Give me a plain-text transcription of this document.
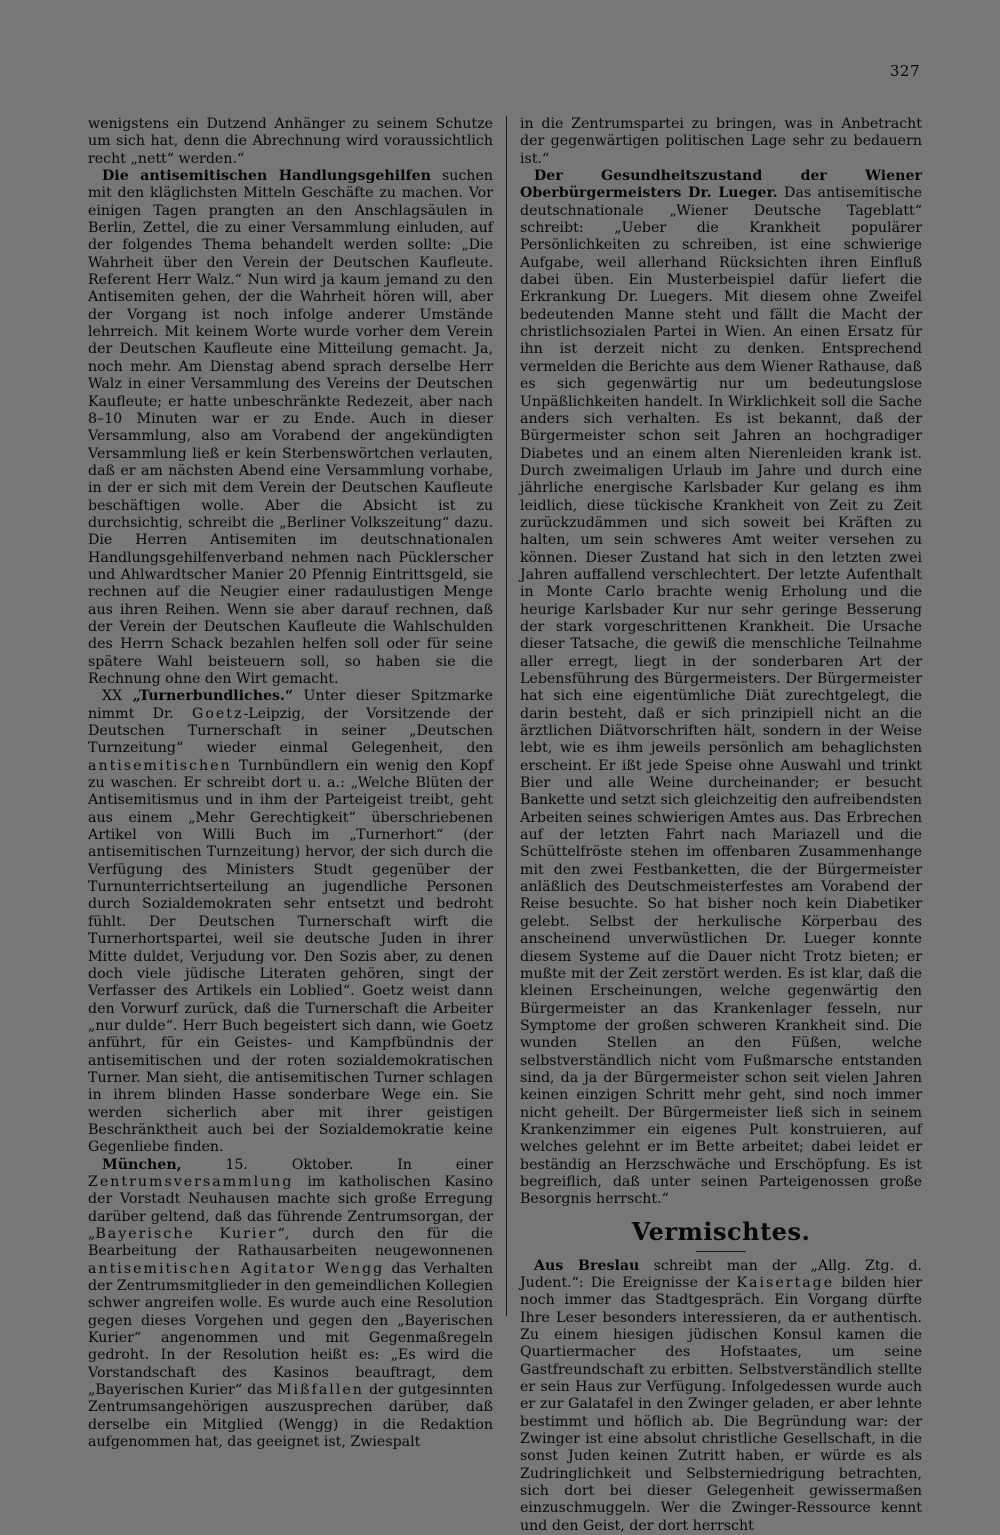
327

wenigstens ein Dutzend Anhänger zu seinem Schutze um sich hat, denn die Abrechnung wird voraussichtlich recht „nett“ werden.“

Die antisemitischen Handlungsgehilfen suchen mit den kläglichsten Mitteln Geschäfte zu machen. Vor einigen Tagen prangten an den Anschlagsäulen in Berlin, Zettel, die zu einer Versammlung einluden, auf der folgendes Thema behandelt werden sollte: „Die Wahrheit über den Verein der Deutschen Kaufleute. Referent Herr Walz.“ Nun wird ja kaum jemand zu den Antisemiten gehen, der die Wahrheit hören will, aber der Vorgang ist noch infolge anderer Umstände lehrreich. Mit keinem Worte wurde vorher dem Verein der Deutschen Kaufleute eine Mitteilung gemacht. Ja, noch mehr. Am Dienstag abend sprach derselbe Herr Walz in einer Versammlung des Vereins der Deutschen Kaufleute; er hatte unbeschränkte Redezeit, aber nach 8–10 Minuten war er zu Ende. Auch in dieser Versammlung, also am Vorabend der angekündigten Versammlung ließ er kein Sterbenswörtchen verlauten, daß er am nächsten Abend eine Versammlung vorhabe, in der er sich mit dem Verein der Deutschen Kaufleute beschäftigen wolle. Aber die Absicht ist zu durchsichtig, schreibt die „Berliner Volkszeitung“ dazu. Die Herren Antisemiten im deutschnationalen Handlungsgehilfenverband nehmen nach Pücklerscher und Ahlwardtscher Manier 20 Pfennig Eintrittsgeld, sie rechnen auf die Neugier einer radaulustigen Menge aus ihren Reihen. Wenn sie aber darauf rechnen, daß der Verein der Deutschen Kaufleute die Wahlschulden des Herrn Schack bezahlen helfen soll oder für seine spätere Wahl beisteuern soll, so haben sie die Rechnung ohne den Wirt gemacht.

XX „Turnerbundliches.“ Unter dieser Spitzmarke nimmt Dr. Goetz-Leipzig, der Vorsitzende der Deutschen Turnerschaft in seiner „Deutschen Turnzeitung“ wieder einmal Gelegenheit, den antisemitischen Turnbündlern ein wenig den Kopf zu waschen. Er schreibt dort u. a.: „Welche Blüten der Antisemitismus und in ihm der Parteigeist treibt, geht aus einem „Mehr Gerechtigkeit“ überschriebenen Artikel von Willi Buch im „Turnerhort“ (der antisemitischen Turnzeitung) hervor, der sich durch die Verfügung des Ministers Studt gegenüber der Turnunterrichtserteilung an jugendliche Personen durch Sozialdemokraten sehr entsetzt und bedroht fühlt. Der Deutschen Turnerschaft wirft die Turnerhortspartei, weil sie deutsche Juden in ihrer Mitte duldet, Verjudung vor. Den Sozis aber, zu denen doch viele jüdische Literaten gehören, singt der Verfasser des Artikels ein Loblied“. Goetz weist dann den Vorwurf zurück, daß die Turnerschaft die Arbeiter „nur dulde“. Herr Buch begeistert sich dann, wie Goetz anführt, für ein Geistes- und Kampfbündnis der antisemitischen und der roten sozialdemokratischen Turner. Man sieht, die antisemitischen Turner schlagen in ihrem blinden Hasse sonderbare Wege ein. Sie werden sicherlich aber mit ihrer geistigen Beschränktheit auch bei der Sozialdemokratie keine Gegenliebe finden.

München, 15. Oktober. In einer Zentrumsversammlung im katholischen Kasino der Vorstadt Neuhausen machte sich große Erregung darüber geltend, daß das führende Zentrumsorgan, der „Bayerische Kurier“, durch den für die Bearbeitung der Rathausarbeiten neugewonnenen antisemitischen Agitator Wengg das Verhalten der Zentrumsmitglieder in den gemeindlichen Kollegien schwer angreifen wolle. Es wurde auch eine Resolution gegen dieses Vorgehen und gegen den „Bayerischen Kurier“ angenommen und mit Gegenmaßregeln gedroht. In der Resolution heißt es: „Es wird die Vorstandschaft des Kasinos beauftragt, dem „Bayerischen Kurier“ das Mißfallen der gutgesinnten Zentrumsangehörigen auszusprechen darüber, daß derselbe ein Mitglied (Wengg) in die Redaktion aufgenommen hat, das geeignet ist, Zwiespalt

in die Zentrumspartei zu bringen, was in Anbetracht der gegenwärtigen politischen Lage sehr zu bedauern ist.“

Der Gesundheitszustand der Wiener Oberbürgermeisters Dr. Lueger. Das antisemitische deutschnationale „Wiener Deutsche Tageblatt“ schreibt: „Ueber die Krankheit populärer Persönlichkeiten zu schreiben, ist eine schwierige Aufgabe, weil allerhand Rücksichten ihren Einfluß dabei üben. Ein Musterbeispiel dafür liefert die Erkrankung Dr. Luegers. Mit diesem ohne Zweifel bedeutenden Manne steht und fällt die Macht der christlichsozialen Partei in Wien. An einen Ersatz für ihn ist derzeit nicht zu denken. Entsprechend vermelden die Berichte aus dem Wiener Rathause, daß es sich gegenwärtig nur um bedeutungslose Unpäßlichkeiten handelt. In Wirklichkeit soll die Sache anders sich verhalten. Es ist bekannt, daß der Bürgermeister schon seit Jahren an hochgradiger Diabetes und an einem alten Nierenleiden krank ist. Durch zweimaligen Urlaub im Jahre und durch eine jährliche energische Karlsbader Kur gelang es ihm leidlich, diese tückische Krankheit von Zeit zu Zeit zurückzudämmen und sich soweit bei Kräften zu halten, um sein schweres Amt weiter versehen zu können. Dieser Zustand hat sich in den letzten zwei Jahren auffallend verschlechtert. Der letzte Aufenthalt in Monte Carlo brachte wenig Erholung und die heurige Karlsbader Kur nur sehr geringe Besserung der stark vorgeschrittenen Krankheit. Die Ursache dieser Tatsache, die gewiß die menschliche Teilnahme aller erregt, liegt in der sonderbaren Art der Lebensführung des Bürgermeisters. Der Bürgermeister hat sich eine eigentümliche Diät zurechtgelegt, die darin besteht, daß er sich prinzipiell nicht an die ärztlichen Diätvorschriften hält, sondern in der Weise lebt, wie es ihm jeweils persönlich am behaglichsten erscheint. Er ißt jede Speise ohne Auswahl und trinkt Bier und alle Weine durcheinander; er besucht Bankette und setzt sich gleichzeitig den aufreibendsten Arbeiten seines schwierigen Amtes aus. Das Erbrechen auf der letzten Fahrt nach Mariazell und die Schüttelfröste stehen im offenbaren Zusammenhange mit den zwei Festbanketten, die der Bürgermeister anläßlich des Deutschmeisterfestes am Vorabend der Reise besuchte. So hat bisher noch kein Diabetiker gelebt. Selbst der herkulische Körperbau des anscheinend unverwüstlichen Dr. Lueger konnte diesem Systeme auf die Dauer nicht Trotz bieten; er mußte mit der Zeit zerstört werden. Es ist klar, daß die kleinen Erscheinungen, welche gegenwärtig den Bürgermeister an das Krankenlager fesseln, nur Symptome der großen schweren Krankheit sind. Die wunden Stellen an den Füßen, welche selbstverständlich nicht vom Fußmarsche entstanden sind, da ja der Bürgermeister schon seit vielen Jahren keinen einzigen Schritt mehr geht, sind noch immer nicht geheilt. Der Bürgermeister ließ sich in seinem Krankenzimmer ein eigenes Pult konstruieren, auf welches gelehnt er im Bette arbeitet; dabei leidet er beständig an Herzschwäche und Erschöpfung. Es ist begreiflich, daß unter seinen Parteigenossen große Besorgnis herrscht.“

Vermischtes.

Aus Breslau schreibt man der „Allg. Ztg. d. Judent.“: Die Ereignisse der Kaisertage bilden hier noch immer das Stadtgespräch. Ein Vorgang dürfte Ihre Leser besonders interessieren, da er authentisch. Zu einem hiesigen jüdischen Konsul kamen die Quartiermacher des Hofstaates, um seine Gastfreundschaft zu erbitten. Selbstverständlich stellte er sein Haus zur Verfügung. Infolgedessen wurde auch er zur Galatafel in den Zwinger geladen, er aber lehnte bestimmt und höflich ab. Die Begründung war: der Zwinger ist eine absolut christliche Gesellschaft, in die sonst Juden keinen Zutritt haben, er würde es als Zudringlichkeit und Selbsterniedrigung betrachten, sich dort bei dieser Gelegenheit gewissermaßen einzuschmuggeln. Wer die Zwinger-Ressource kennt und den Geist, der dort herrscht
